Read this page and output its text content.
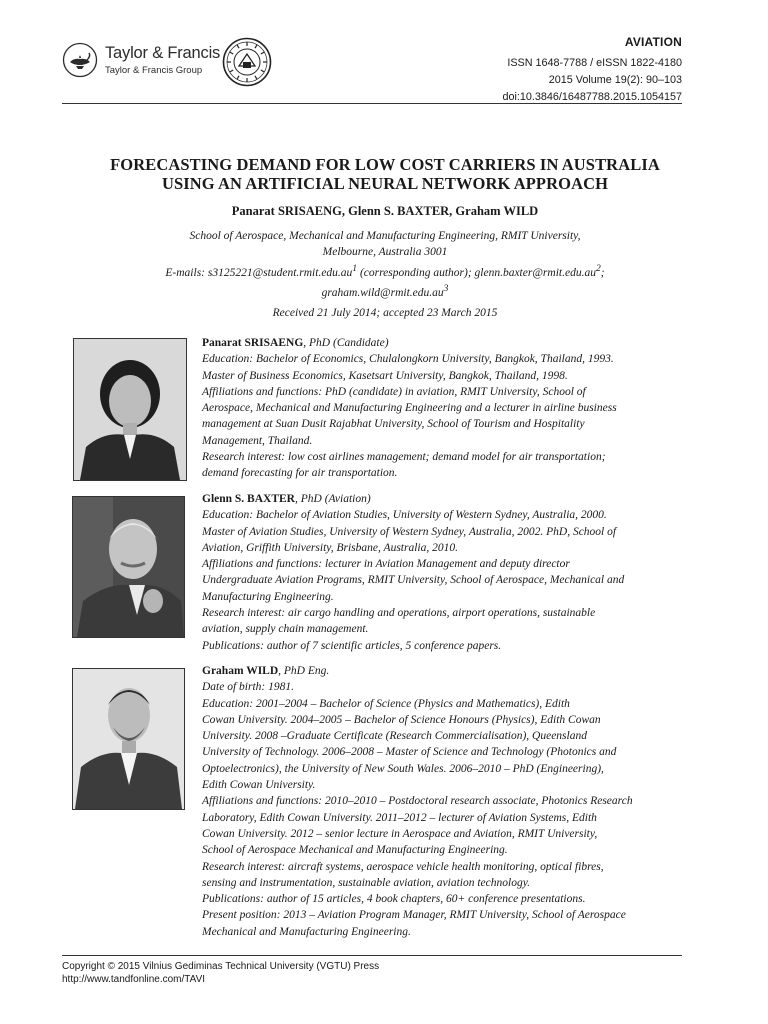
Taylor & Francis
Taylor & Francis Group
AVIATION
ISSN 1648-7788 / eISSN 1822-4180
2015 Volume 19(2): 90–103
doi:10.3846/16487788.2015.1054157
FORECASTING DEMAND FOR LOW COST CARRIERS IN AUSTRALIA
USING AN ARTIFICIAL NEURAL NETWORK APPROACH
Panarat SRISAENG, Glenn S. BAXTER, Graham WILD
School of Aerospace, Mechanical and Manufacturing Engineering, RMIT University,
Melbourne, Australia 3001
E-mails: $s3125221@student.rmit.edu.au^1$ (corresponding author); $glenn.baxter@rmit.edu.au^2$;
$graham.wild@rmit.edu.au^3$
Received 21 July 2014; accepted 23 March 2015
Panarat SRISAENG, PhD (Candidate)
Education: Bachelor of Economics, Chulalongkorn University, Bangkok, Thailand, 1993.
Master of Business Economics, Kasetsart University, Bangkok, Thailand, 1998.
Affiliations and functions: PhD (candidate) in aviation, RMIT University, School of
Aerospace, Mechanical and Manufacturing Engineering and a lecturer in airline business
management at Suan Dusit Rajabhat University, School of Tourism and Hospitality
Management, Thailand.
Research interest: low cost airlines management; demand model for air transportation;
demand forecasting for air transportation.
Glenn S. BAXTER, PhD (Aviation)
Education: Bachelor of Aviation Studies, University of Western Sydney, Australia, 2000.
Master of Aviation Studies, University of Western Sydney, Australia, 2002. PhD, School of
Aviation, Griffith University, Brisbane, Australia, 2010.
Affiliations and functions: lecturer in Aviation Management and deputy director
Undergraduate Aviation Programs, RMIT University, School of Aerospace, Mechanical and
Manufacturing Engineering.
Research interest: air cargo handling and operations, airport operations, sustainable
aviation, supply chain management.
Publications: author of 7 scientific articles, 5 conference papers.
Graham WILD, PhD Eng.
Date of birth: 1981.
Education: 2001–2004 – Bachelor of Science (Physics and Mathematics), Edith
Cowan University. 2004–2005 – Bachelor of Science Honours (Physics), Edith Cowan
University. 2008 –Graduate Certificate (Research Commercialisation), Queensland
University of Technology. 2006–2008 – Master of Science and Technology (Photonics and
Optoelectronics), the University of New South Wales. 2006–2010 – PhD (Engineering),
Edith Cowan University.
Affiliations and functions: 2010–2010 – Postdoctoral research associate, Photonics Research
Laboratory, Edith Cowan University. 2011–2012 – lecturer of Aviation Systems, Edith
Cowan University. 2012 – senior lecture in Aerospace and Aviation, RMIT University,
School of Aerospace Mechanical and Manufacturing Engineering.
Research interest: aircraft systems, aerospace vehicle health monitoring, optical fibres,
sensing and instrumentation, sustainable aviation, aviation technology.
Publications: author of 15 articles, 4 book chapters, 60+ conference presentations.
Present position: 2013 – Aviation Program Manager, RMIT University, School of Aerospace
Mechanical and Manufacturing Engineering.
Copyright © 2015 Vilnius Gediminas Technical University (VGTU) Press
http://www.tandfonline.com/TAVI
